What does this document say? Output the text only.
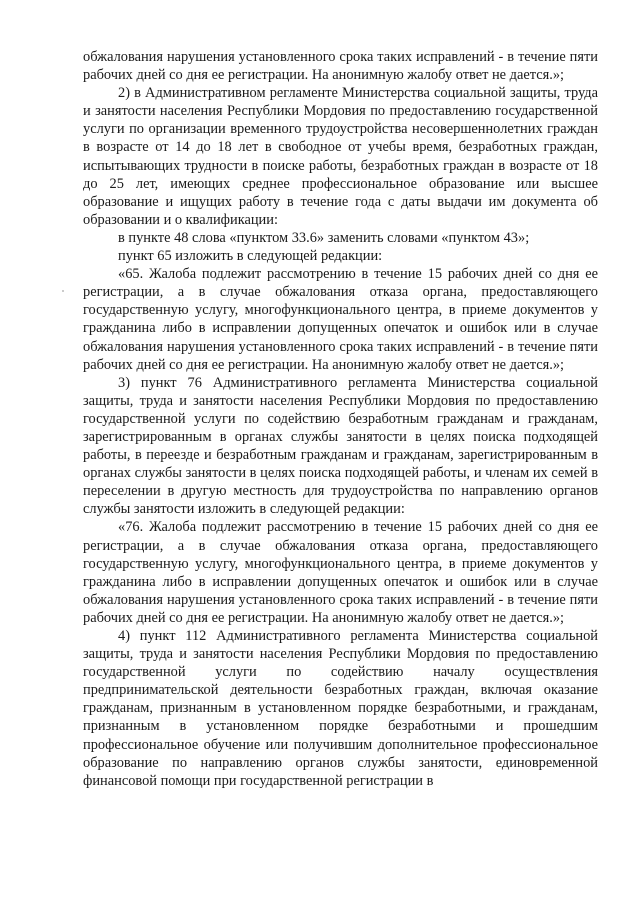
обжалования нарушения установленного срока таких исправлений - в течение пяти рабочих дней со дня ее регистрации. На анонимную жалобу ответ не дается.»;

2) в Административном регламенте Министерства социальной защиты, труда и занятости населения Республики Мордовия по предоставлению государственной услуги по организации временного трудоустройства несовершеннолетних граждан в возрасте от 14 до 18 лет в свободное от учебы время, безработных граждан, испытывающих трудности в поиске работы, безработных граждан в возрасте от 18 до 25 лет, имеющих среднее профессиональное образование или высшее образование и ищущих работу в течение года с даты выдачи им документа об образовании и о квалификации:

в пункте 48 слова «пунктом 33.6» заменить словами «пунктом 43»;

пункт 65 изложить в следующей редакции:

«65. Жалоба подлежит рассмотрению в течение 15 рабочих дней со дня ее регистрации, а в случае обжалования отказа органа, предоставляющего государственную услугу, многофункционального центра, в приеме документов у гражданина либо в исправлении допущенных опечаток и ошибок или в случае обжалования нарушения установленного срока таких исправлений - в течение пяти рабочих дней со дня ее регистрации. На анонимную жалобу ответ не дается.»;

3) пункт 76 Административного регламента Министерства социальной защиты, труда и занятости населения Республики Мордовия по предоставлению государственной услуги по содействию безработным гражданам и гражданам, зарегистрированным в органах службы занятости в целях поиска подходящей работы, в переезде и безработным гражданам и гражданам, зарегистрированным в органах службы занятости в целях поиска подходящей работы, и членам их семей в переселении в другую местность для трудоустройства по направлению органов службы занятости изложить в следующей редакции:

«76. Жалоба подлежит рассмотрению в течение 15 рабочих дней со дня ее регистрации, а в случае обжалования отказа органа, предоставляющего государственную услугу, многофункционального центра, в приеме документов у гражданина либо в исправлении допущенных опечаток и ошибок или в случае обжалования нарушения установленного срока таких исправлений - в течение пяти рабочих дней со дня ее регистрации. На анонимную жалобу ответ не дается.»;

4) пункт 112 Административного регламента Министерства социальной защиты, труда и занятости населения Республики Мордовия по предоставлению государственной услуги по содействию началу осуществления предпринимательской деятельности безработных граждан, включая оказание гражданам, признанным в установленном порядке безработными, и гражданам, признанным в установленном порядке безработными и прошедшим профессиональное обучение или получившим дополнительное профессиональное образование по направлению органов службы занятости, единовременной финансовой помощи при государственной регистрации в
